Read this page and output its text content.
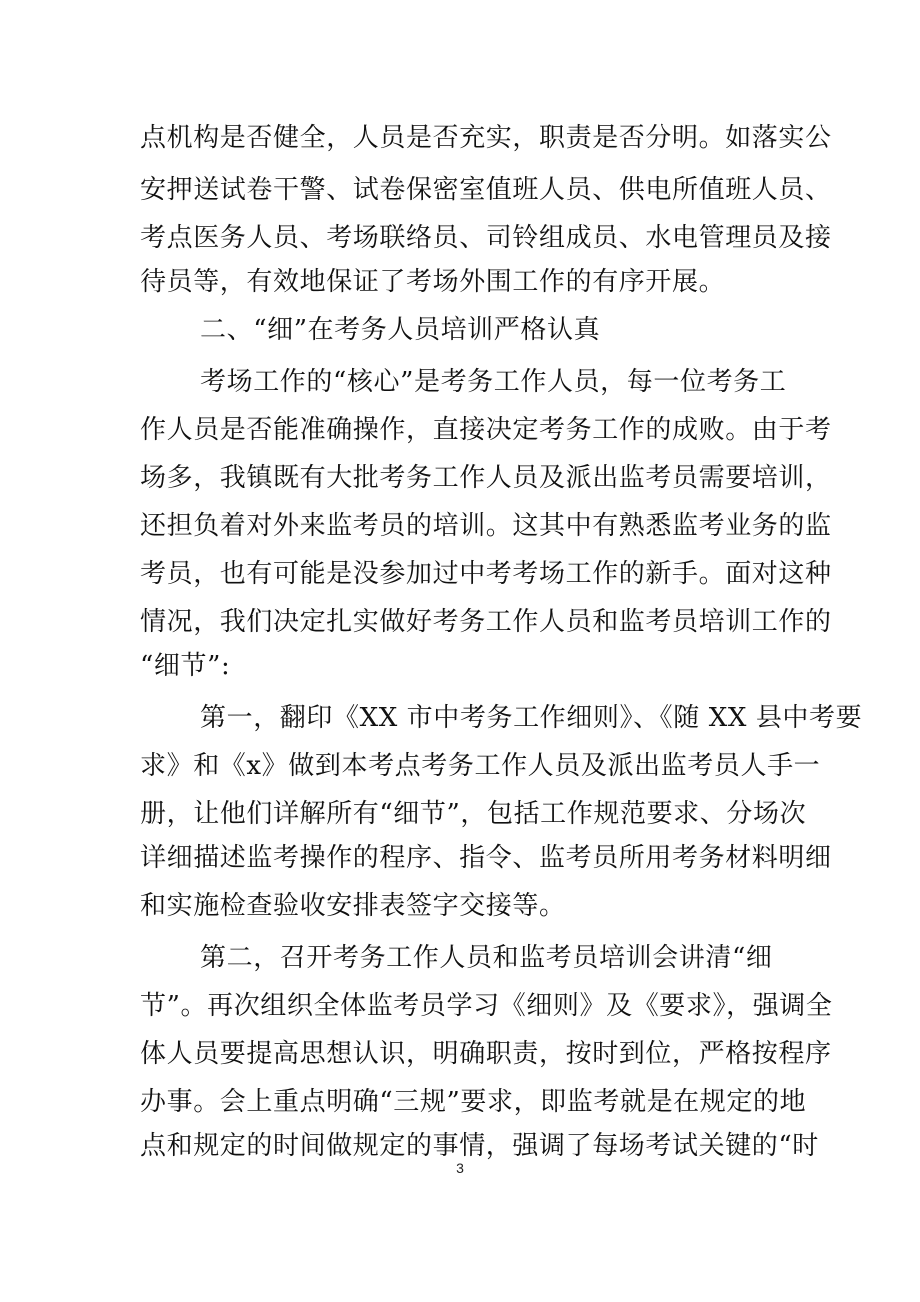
点机构是否健全，人员是否充实，职责是否分明。如落实公
安押送试卷干警、试卷保密室值班人员、供电所值班人员、
考点医务人员、考场联络员、司铃组成员、水电管理员及接
待员等，有效地保证了考场外围工作的有序开展。
二、“细”在考务人员培训严格认真
考场工作的“核心”是考务工作人员，每一位考务工
作人员是否能准确操作，直接决定考务工作的成败。由于考
场多，我镇既有大批考务工作人员及派出监考员需要培训，
还担负着对外来监考员的培训。这其中有熟悉监考业务的监
考员，也有可能是没参加过中考考场工作的新手。面对这种
情况，我们决定扎实做好考务工作人员和监考员培训工作的
“细节”:
第一，翻印《XX 市中考务工作细则》、《随 XX 县中考要
求》和《x》做到本考点考务工作人员及派出监考员人手一
册，让他们详解所有“细节”，包括工作规范要求、分场次
详细描述监考操作的程序、指令、监考员所用考务材料明细
和实施检查验收安排表签字交接等。
第二，召开考务工作人员和监考员培训会讲清“细
节”。再次组织全体监考员学习《细则》及《要求》，强调全
体人员要提高思想认识，明确职责，按时到位，严格按程序
办事。会上重点明确“三规”要求，即监考就是在规定的地
点和规定的时间做规定的事情，强调了每场考试关键的“时
3
